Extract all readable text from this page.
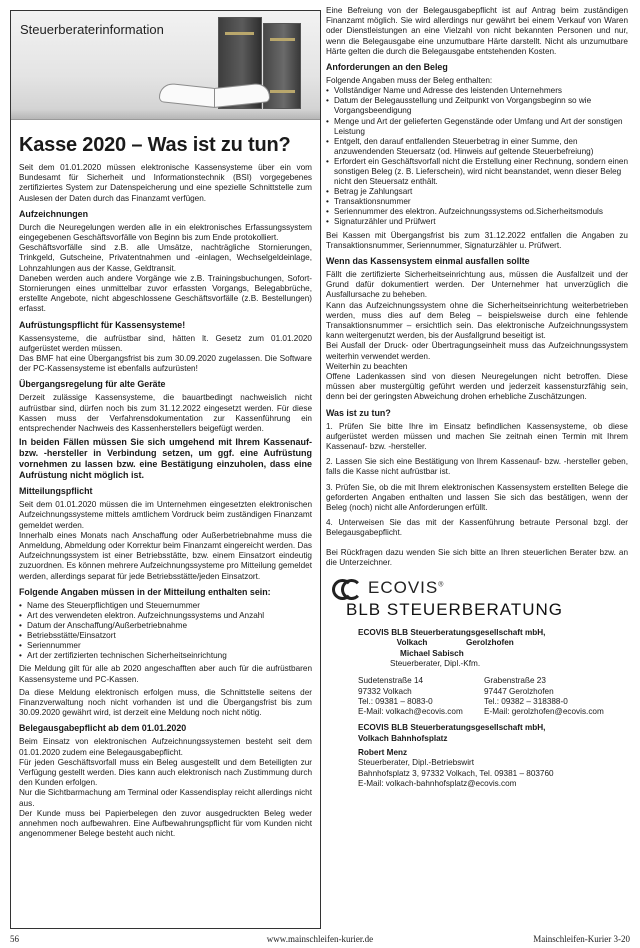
Steuerberaterinformation
Kasse 2020 – Was ist zu tun?

Seit dem 01.01.2020 müssen elektronische Kassensysteme über ein vom Bundesamt für Sicherheit und Informationstechnik (BSI) vorgegebenes zertifiziertes System zur Datenspeicherung und eine spezielle Schnittstelle zum Auslesen der Daten durch das Finanzamt verfügen.

Aufzeichnungen

Durch die Neuregelungen werden alle in ein elektronisches Erfassungssystem eingegebenen Geschäftsvorfälle von Beginn bis zum Ende protokolliert.

Geschäftsvorfälle sind z.B. alle Umsätze, nachträgliche Stornierungen, Trinkgeld, Gutscheine, Privatentnahmen und -einlagen, Wechselgeldeinlage, Lohnzahlungen aus der Kasse, Geldtransit.

Daneben werden auch andere Vorgänge wie z.B. Trainingsbuchungen, Sofort-Stornierungen eines unmittelbar zuvor erfassten Vorgangs, Belegabbrüche, erstellte Angebote, nicht abgeschlossene Geschäftsvorfälle (z.B. Bestellungen) erfasst.

Aufrüstungspflicht für Kassensysteme!

Kassensysteme, die aufrüstbar sind, hätten lt. Gesetz zum 01.01.2020 aufgerüstet werden müssen.

Das BMF hat eine Übergangsfrist bis zum 30.09.2020 zugelassen. Die Software der PC-Kassensysteme ist ebenfalls aufzurüsten!

Übergangsregelung für alte Geräte

Derzeit zulässige Kassensysteme, die bauartbedingt nachweislich nicht aufrüstbar sind, dürfen noch bis zum 31.12.2022 eingesetzt werden. Für diese Kassen muss der Verfahrensdokumentation zur Kassenführung ein entsprechender Nachweis des Kassenherstellers beigefügt werden.

In beiden Fällen müssen Sie sich umgehend mit Ihrem Kassenauf- bzw. -hersteller in Verbindung setzen, um ggf. eine Aufrüstung vornehmen zu lassen bzw. eine Bestätigung einzuholen, dass eine Aufrüstung nicht möglich ist.

Mitteilungspflicht

Seit dem 01.01.2020 müssen die im Unternehmen eingesetzten elektronischen Aufzeichnungssysteme mittels amtlichem Vordruck beim zuständigen Finanzamt gemeldet werden.

Innerhalb eines Monats nach Anschaffung oder Außerbetriebnahme muss die Anmeldung, Abmeldung oder Korrektur beim Finanzamt eingereicht werden. Das Aufzeichnungssystem ist einer Betriebsstätte, bzw. einem Einsatzort eindeutig zuzuordnen. Es können mehrere Aufzeichnungssysteme pro Mitteilung gemeldet werden, allerdings separat für jede Betriebsstätte/jeden Einsatzort.

Folgende Angaben müssen in der Mitteilung enthalten sein:
• Name des Steuerpflichtigen und Steuernummer
• Art des verwendeten elektron. Aufzeichnungssystems und Anzahl
• Datum der Anschaffung/Außerbetriebnahme
• Betriebsstätte/Einsatzort
• Seriennummer
• Art der zertifizierten technischen Sicherheitseinrichtung

Die Meldung gilt für alle ab 2020 angeschafften aber auch für die aufrüstbaren Kassensysteme und PC-Kassen.

Da diese Meldung elektronisch erfolgen muss, die Schnittstelle seitens der Finanzverwaltung noch nicht vorhanden ist und die Übergangsfrist bis zum 30.09.2020 gewährt wird, ist derzeit eine Meldung noch nicht nötig.

Belegausgabepflicht ab dem 01.01.2020

Beim Einsatz von elektronischen Aufzeichnungssystemen besteht seit dem 01.01.2020 zudem eine Belegausgabepflicht.

Für jeden Geschäftsvorfall muss ein Beleg ausgestellt und dem Beteiligten zur Verfügung gestellt werden. Dies kann auch elektronisch nach Zustimmung durch den Kunden erfolgen.

Nur die Sichtbarmachung am Terminal oder Kassendisplay reicht allerdings nicht aus.

Der Kunde muss bei Papierbelegen den zuvor ausgedruckten Beleg weder annehmen noch aufbewahren. Eine Aufbewahrungspflicht für vom Kunden nicht angenommener Belege besteht auch nicht.

Eine Befreiung von der Belegausgabepflicht ist auf Antrag beim zuständigen Finanzamt möglich. Sie wird allerdings nur gewährt bei einem Verkauf von Waren oder Dienstleistungen an eine Vielzahl von nicht bekannten Personen und nur, wenn die Belegausgabe eine unzumutbare Härte darstellt. Nicht als unzumutbare Härte gelten die durch die Belegausgabe entstehenden Kosten.

Anforderungen an den Beleg

Folgende Angaben muss der Beleg enthalten:

• Vollständiger Name und Adresse des leistenden Unternehmers
• Datum der Belegausstellung und Zeitpunkt von Vorgangsbeginn so wie Vorgangsbeendigung
• Menge und Art der gelieferten Gegenstände oder Umfang und Art der sonstigen Leistung
• Entgelt, den darauf entfallenden Steuerbetrag in einer Summe, den anzuwendenden Steuersatz (od. Hinweis auf geltende Steuerbefreiung)
• Erfordert ein Geschäftsvorfall nicht die Erstellung einer Rechnung, sondern einen sonstigen Beleg (z. B. Lieferschein), wird nicht beanstandet, wenn dieser Beleg nicht den Steuersatz enthält.
• Betrag je Zahlungsart
• Transaktionsnummer
• Seriennummer des elektron. Aufzeichnungssystems od.Sicherheitsmoduls
• Signaturzähler und Prüfwert

Bei Kassen mit Übergangsfrist bis zum 31.12.2022 entfallen die Angaben zu Transaktionsnummer, Seriennummer, Signaturzähler u. Prüfwert.

Wenn das Kassensystem einmal ausfallen sollte

Fällt die zertifizierte Sicherheitseinrichtung aus, müssen die Ausfallzeit und der Grund dafür dokumentiert werden. Der Unternehmer hat unverzüglich die Ausfallursache zu beheben.

Kann das Aufzeichnungssystem ohne die Sicherheitseinrichtung weiterbetrieben werden, muss dies auf dem Beleg – beispielsweise durch eine fehlende Transaktionsnummer – ersichtlich sein. Das elektronische Aufzeichnungssystem kann weitergenutzt werden, bis der Ausfallgrund beseitigt ist.

Bei Ausfall der Druck- oder Übertragungseinheit muss das Aufzeichnungssystem weiterhin verwendet werden.

Weiterhin zu beachten

Offene Ladenkassen sind von diesen Neuregelungen nicht betroffen. Diese müssen aber mustergültig geführt werden und jederzeit kassensturzfähig sein, denn bei der geringsten Abweichung drohen erhebliche Zuschätzungen.

Was ist zu tun?

1. Prüfen Sie bitte Ihre im Einsatz befindlichen Kassensysteme, ob diese aufgerüstet werden müssen und machen Sie zeitnah einen Termin mit Ihrem Kassenauf- bzw. -hersteller.

2. Lassen Sie sich eine Bestätigung von Ihrem Kassenauf- bzw. -hersteller geben, falls die Kasse nicht aufrüstbar ist.

3. Prüfen Sie, ob die mit Ihrem elektronischen Kassensystem erstellten Belege die geforderten Angaben enthalten und lassen Sie sich das bestätigen, wenn der Beleg (noch) nicht alle Anforderungen erfüllt.

4. Unterweisen Sie das mit der Kassenführung betraute Personal bzgl. der Belegausgabepflicht.

Bei Rückfragen dazu wenden Sie sich bitte an Ihren steuerlichen Berater bzw. an die Unterzeichner.

ECOVIS®
BLB STEUERBERATUNG

ECOVIS BLB Steuerberatungsgesellschaft mbH,

Volkach	Gerolzhofen

Michael Sabisch

Steuerberater, Dipl.-Kfm.

Sudetenstraße 14
97332 Volkach
Tel.: 09381 – 8083-0
E-Mail: volkach@ecovis.com
Grabenstraße 23
97447 Gerolzhofen
Tel.: 09382 – 318388-0
E-Mail: gerolzhofen@ecovis.com

ECOVIS BLB Steuerberatungsgesellschaft mbH,

Volkach Bahnhofsplatz

Robert Menz

Steuerberater, Dipl.-Betriebswirt

Bahnhofsplatz 3, 97332 Volkach, Tel. 09381 – 803760

E-Mail: volkach-bahnhofsplatz@ecovis.com

56	www.mainschleifen-kurier.de	Mainschleifen-Kurier 3-20
